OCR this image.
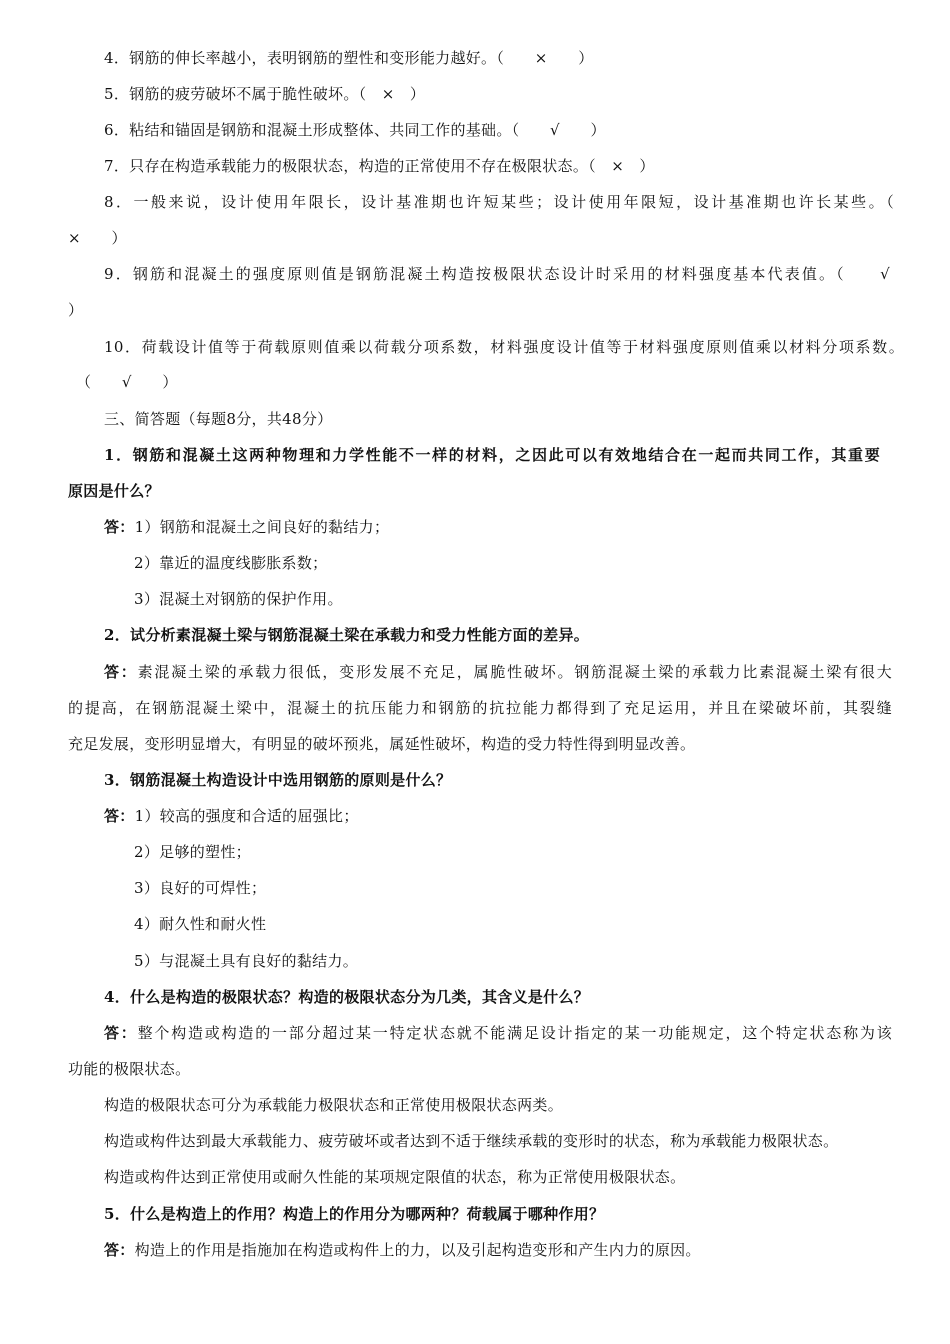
4．钢筋的伸长率越小，表明钢筋的塑性和变形能力越好。（　　×　　）
5．钢筋的疲劳破坏不属于脆性破坏。（　×　）
6．粘结和锚固是钢筋和混凝土形成整体、共同工作的基础。（　　√　　）
7．只存在构造承载能力的极限状态，构造的正常使用不存在极限状态。（　×　）
8．一般来说，设计使用年限长，设计基准期也许短某些；设计使用年限短，设计基准期也许长某些。（
×　　）
9．钢筋和混凝土的强度原则值是钢筋混凝土构造按极限状态设计时采用的材料强度基本代表值。（　　√
）
10．荷载设计值等于荷载原则值乘以荷载分项系数，材料强度设计值等于材料强度原则值乘以材料分项系数。
（　　√　　）
三、简答题（每题8分，共48分）
1．钢筋和混凝土这两种物理和力学性能不一样的材料，之因此可以有效地结合在一起而共同工作，其重要
原因是什么？
答：1）钢筋和混凝土之间良好的黏结力；
2）靠近的温度线膨胀系数；
3）混凝土对钢筋的保护作用。
2．试分析素混凝土梁与钢筋混凝土梁在承载力和受力性能方面的差异。
答：素混凝土梁的承载力很低，变形发展不充足，属脆性破坏。钢筋混凝土梁的承载力比素混凝土梁有很大
的提高，在钢筋混凝土梁中，混凝土的抗压能力和钢筋的抗拉能力都得到了充足运用，并且在梁破坏前，其裂缝
充足发展，变形明显增大，有明显的破坏预兆，属延性破坏，构造的受力特性得到明显改善。
3．钢筋混凝土构造设计中选用钢筋的原则是什么？
答：1）较高的强度和合适的屈强比；
2）足够的塑性；
3）良好的可焊性；
4）耐久性和耐火性
5）与混凝土具有良好的黏结力。
4．什么是构造的极限状态？构造的极限状态分为几类，其含义是什么？
答：整个构造或构造的一部分超过某一特定状态就不能满足设计指定的某一功能规定，这个特定状态称为该
功能的极限状态。
构造的极限状态可分为承载能力极限状态和正常使用极限状态两类。
构造或构件达到最大承载能力、疲劳破坏或者达到不适于继续承载的变形时的状态，称为承载能力极限状态。
构造或构件达到正常使用或耐久性能的某项规定限值的状态，称为正常使用极限状态。
5．什么是构造上的作用？构造上的作用分为哪两种？荷载属于哪种作用？
答：构造上的作用是指施加在构造或构件上的力，以及引起构造变形和产生内力的原因。
